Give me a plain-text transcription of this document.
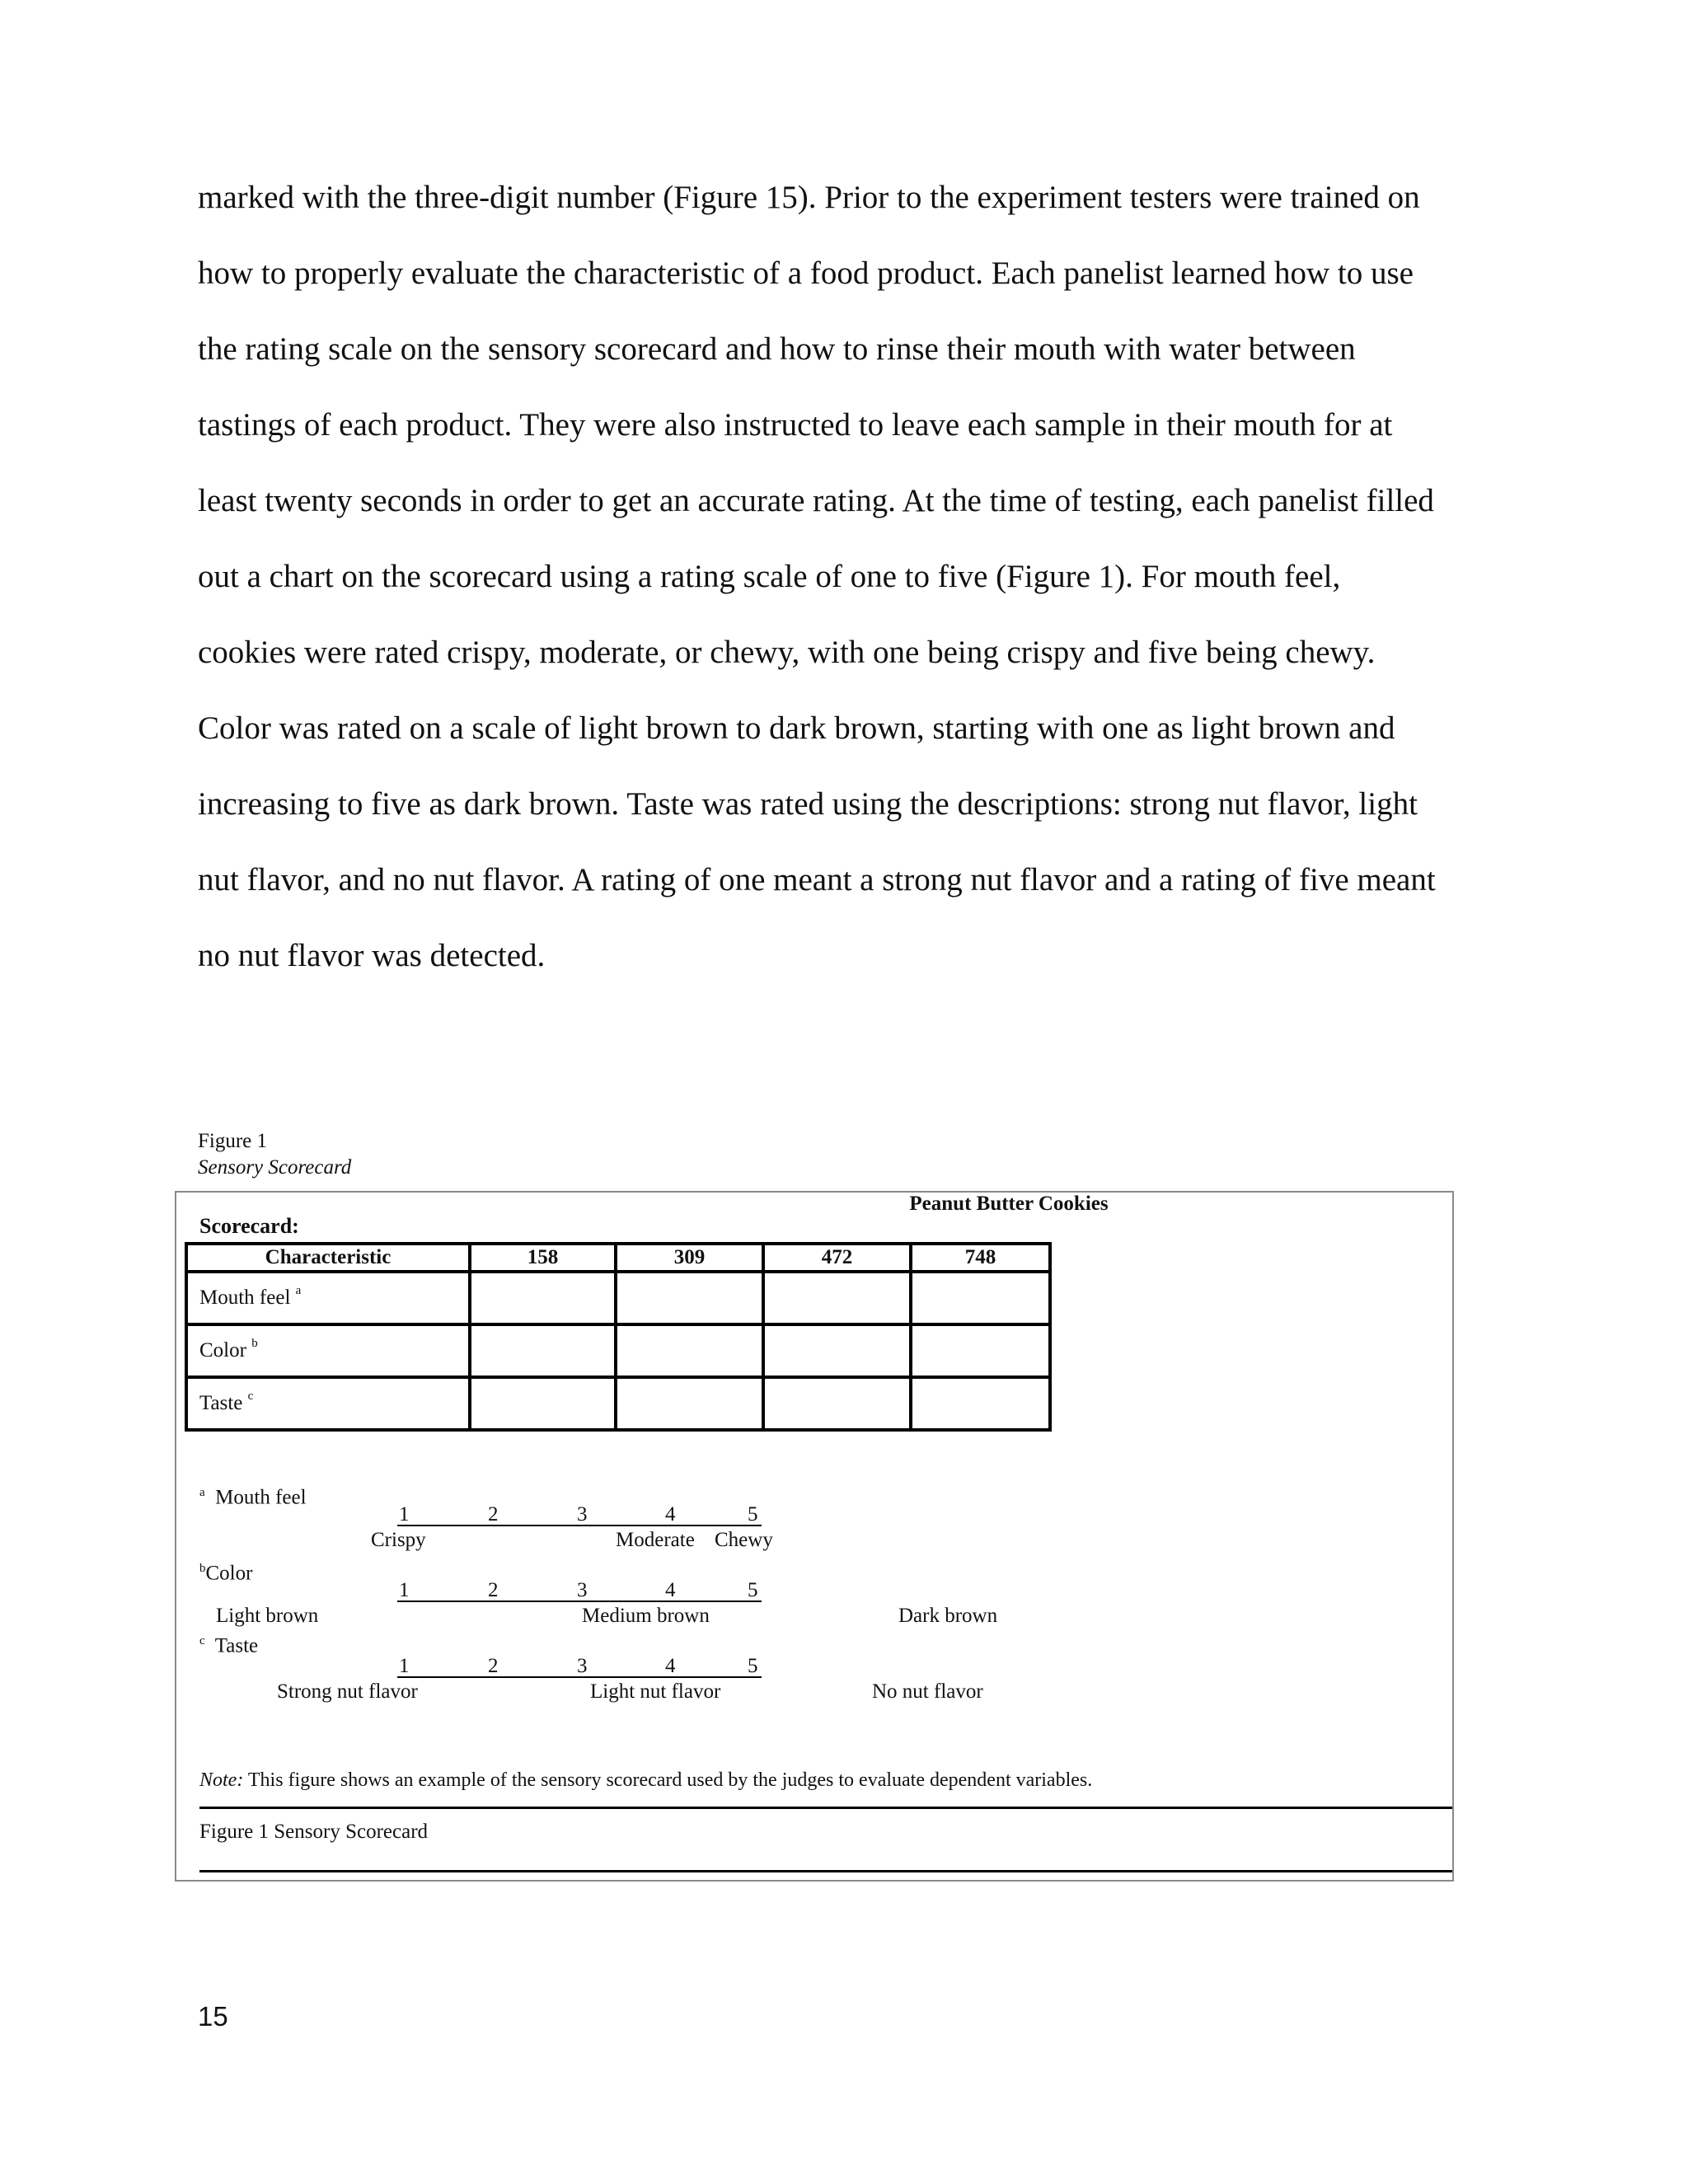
marked with the three-digit number (Figure 15). Prior to the experiment testers were trained on
how to properly evaluate the characteristic of a food product. Each panelist learned how to use
the rating scale on the sensory scorecard and how to rinse their mouth with water between
tastings of each product. They were also instructed to leave each sample in their mouth for at
least twenty seconds in order to get an accurate rating. At the time of testing, each panelist filled
out a chart on the scorecard using a rating scale of one to five (Figure 1). For mouth feel,
cookies were rated crispy, moderate, or chewy, with one being crispy and five being chewy.
Color was rated on a scale of light brown to dark brown, starting with one as light brown and
increasing to five as dark brown. Taste was rated using the descriptions: strong nut flavor, light
nut flavor, and no nut flavor. A rating of one meant a strong nut flavor and a rating of five meant
no nut flavor was detected.
Figure 1
Sensory Scorecard
Peanut Butter Cookies
Scorecard:
Characteristic	158	309	472	748
Mouth feel $^a$				
Color $^b$				
Taste $^c$				
$^a$ Mouth feel
1	2	3	4	5
Crispy	Moderate Chewy
$^b$Color
1	2	3	4	5
Light brown	Medium brown	Dark brown
$^c$ Taste
1	2	3	4	5
Strong nut flavor	Light nut flavor	No nut flavor
Note: This figure shows an example of the sensory scorecard used by the judges to evaluate dependent variables.
Figure 1 Sensory Scorecard
15
